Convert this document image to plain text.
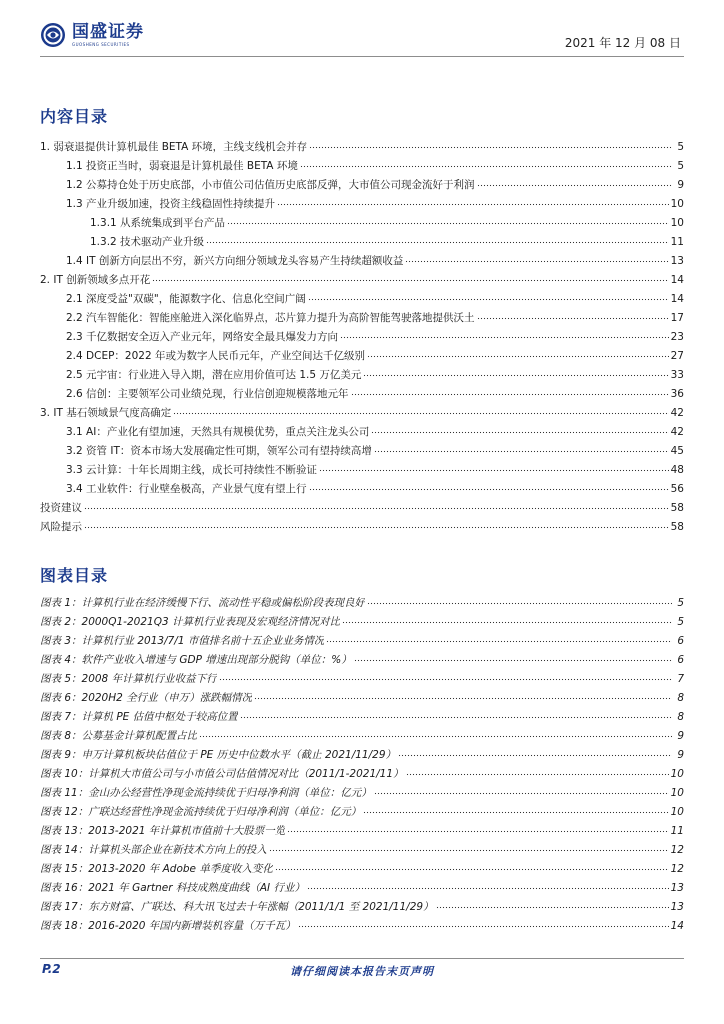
国盛证券
GUOSHENG SECURITIES	2021 年 12 月 08 日
内容目录
1. 弱衰退提供计算机最佳 BETA 环境，主线支线机会并存	5
1.1 投资正当时，弱衰退是计算机最佳 BETA 环境	5
1.2 公募持仓处于历史底部，小市值公司估值历史底部反弹，大市值公司现金流好于利润	9
1.3 产业升级加速，投资主线稳固性持续提升	10
1.3.1 从系统集成到平台产品	10
1.3.2 技术驱动产业升级	11
1.4 IT 创新方向层出不穷，新兴方向细分领域龙头容易产生持续超额收益	13
2. IT 创新领域多点开花	14
2.1 深度受益"双碳"，能源数字化、信息化空间广阔	14
2.2 汽车智能化：智能座舱进入深化临界点，芯片算力提升为高阶智能驾驶落地提供沃土	17
2.3 千亿数据安全迈入产业元年，网络安全最具爆发力方向	23
2.4 DCEP：2022 年或为数字人民币元年，产业空间达千亿级别	27
2.5 元宇宙：行业进入导入期，潜在应用价值可达 1.5 万亿美元	33
2.6 信创：主要领军公司业绩兑现，行业信创迎规模落地元年	36
3. IT 基石领域景气度高确定	42
3.1 AI：产业化有望加速，天然具有规模优势，重点关注龙头公司	42
3.2 资管 IT：资本市场大发展确定性可期，领军公司有望持续高增	45
3.3 云计算：十年长周期主线，成长可持续性不断验证	48
3.4 工业软件：行业壁垒极高，产业景气度有望上行	56
投资建议	58
风险提示	58
图表目录
图表 1：计算机行业在经济缓慢下行、流动性平稳或偏松阶段表现良好	5
图表 2：2000Q1-2021Q3 计算机行业表现及宏观经济情况对比	5
图表 3：计算机行业 2013/7/1 市值排名前十五企业业务情况	6
图表 4：软件产业收入增速与 GDP 增速出现部分脱钩（单位：%）	6
图表 5：2008 年计算机行业收益下行	7
图表 6：2020H2 全行业（申万）涨跌幅情况	8
图表 7：计算机 PE 估值中枢处于较高位置	8
图表 8：公募基金计算机配置占比	9
图表 9：申万计算机板块估值位于 PE 历史中位数水平（截止 2021/11/29）	9
图表 10：计算机大市值公司与小市值公司估值情况对比（2011/1-2021/11）	10
图表 11：金山办公经营性净现金流持续优于归母净利润（单位：亿元）	10
图表 12：广联达经营性净现金流持续优于归母净利润（单位：亿元）	10
图表 13：2013-2021 年计算机市值前十大股票一览	11
图表 14：计算机头部企业在新技术方向上的投入	12
图表 15：2013-2020 年 Adobe 单季度收入变化	12
图表 16：2021 年 Gartner 科技成熟度曲线（AI 行业）	13
图表 17：东方财富、广联达、科大讯飞过去十年涨幅（2011/1/1 至 2021/11/29）	13
图表 18：2016-2020 年国内新增装机容量（万千瓦）	14
P.2	请仔细阅读本报告末页声明
